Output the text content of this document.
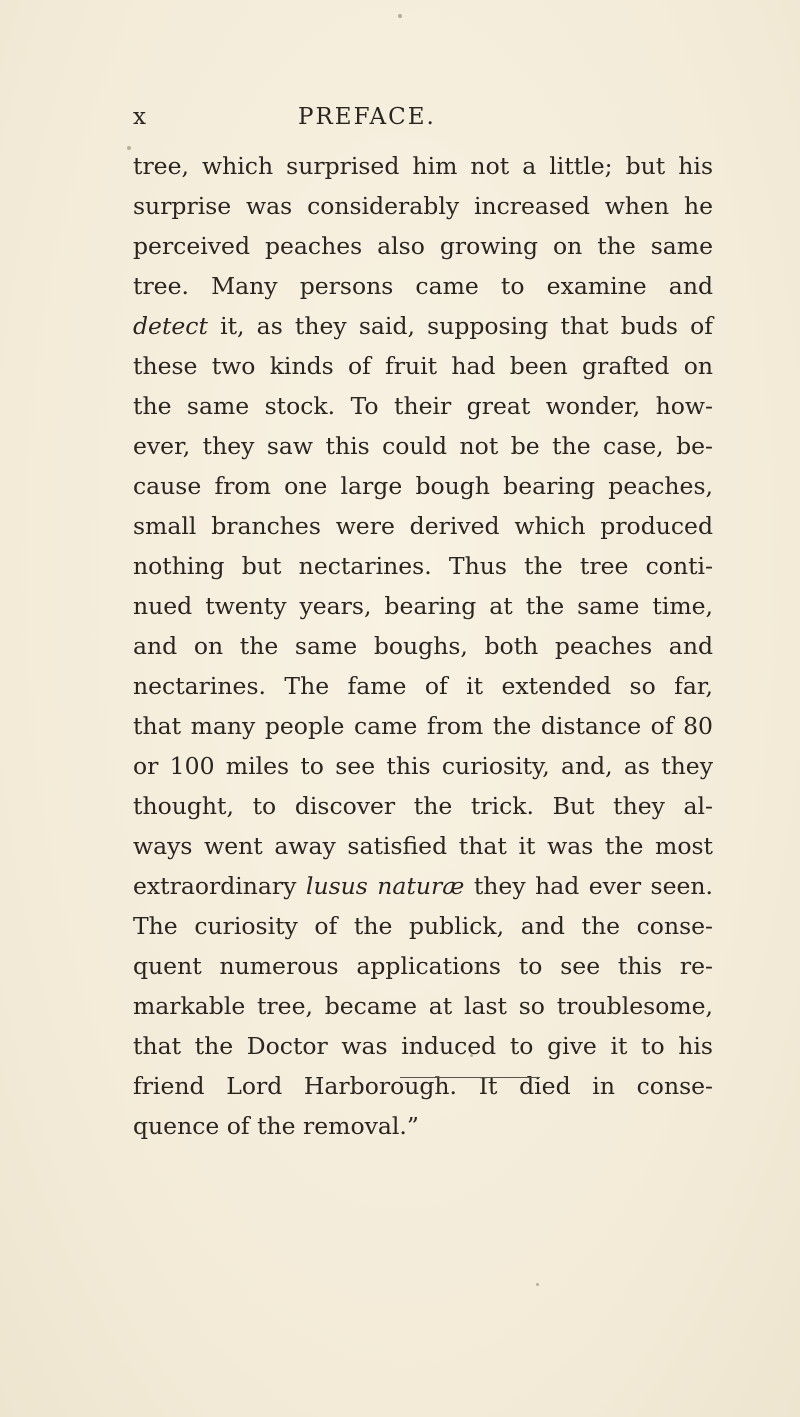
x	PREFACE.
tree, which surprised him not a little; but his
surprise was considerably increased when he
perceived peaches also growing on the same
tree. Many persons came to examine and
detect it, as they said, supposing that buds of
these two kinds of fruit had been grafted on
the same stock. To their great wonder, how-
ever, they saw this could not be the case, be-
cause from one large bough bearing peaches,
small branches were derived which produced
nothing but nectarines. Thus the tree conti-
nued twenty years, bearing at the same time,
and on the same boughs, both peaches and
nectarines. The fame of it extended so far,
that many people came from the distance of 80
or 100 miles to see this curiosity, and, as they
thought, to discover the trick. But they al-
ways went away satisfied that it was the most
extraordinary lusus naturæ they had ever seen.
The curiosity of the publick, and the conse-
quent numerous applications to see this re-
markable tree, became at last so troublesome,
that the Doctor was induced to give it to his
friend Lord Harborough. It died in conse-
quence of the removal.”
